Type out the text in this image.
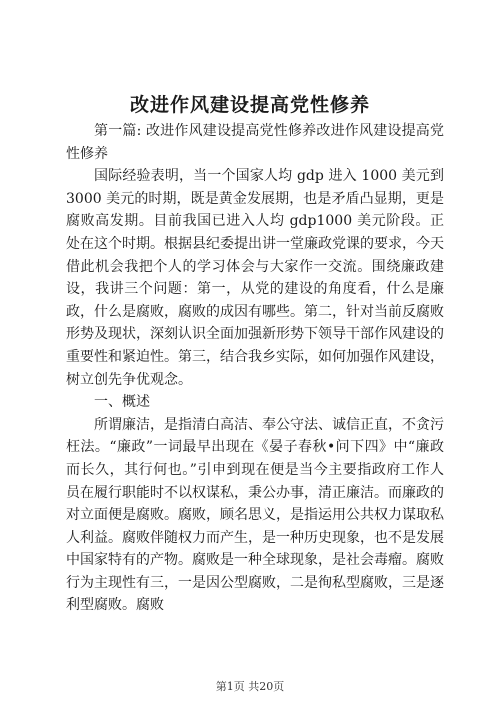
改进作风建设提高党性修养

第一篇: 改进作风建设提高党性修养改进作风建设提高党性修养

国际经验表明，当一个国家人均 gdp 进入 1000 美元到 3000 美元的时期，既是黄金发展期，也是矛盾凸显期，更是腐败高发期。目前我国已进入人均 gdp1000 美元阶段。正处在这个时期。根据县纪委提出讲一堂廉政党课的要求，今天借此机会我把个人的学习体会与大家作一交流。围绕廉政建设，我讲三个问题：第一，从党的建设的角度看，什么是廉政，什么是腐败，腐败的成因有哪些。第二，针对当前反腐败形势及现状，深刻认识全面加强新形势下领导干部作风建设的重要性和紧迫性。第三，结合我乡实际，如何加强作风建设，树立创先争优观念。

一、概述

所谓廉洁，是指清白高洁、奉公守法、诚信正直，不贪污枉法。“廉政”一词最早出现在《晏子春秋•问下四》中“廉政而长久，其行何也。”引申到现在便是当今主要指政府工作人员在履行职能时不以权谋私，秉公办事，清正廉洁。而廉政的对立面便是腐败。腐败，顾名思义，是指运用公共权力谋取私人利益。腐败伴随权力而产生，是一种历史现象，也不是发展中国家特有的产物。腐败是一种全球现象，是社会毒瘤。腐败行为主现性有三，一是因公型腐败，二是徇私型腐败，三是逐利型腐败。腐败

第1页 共20页
